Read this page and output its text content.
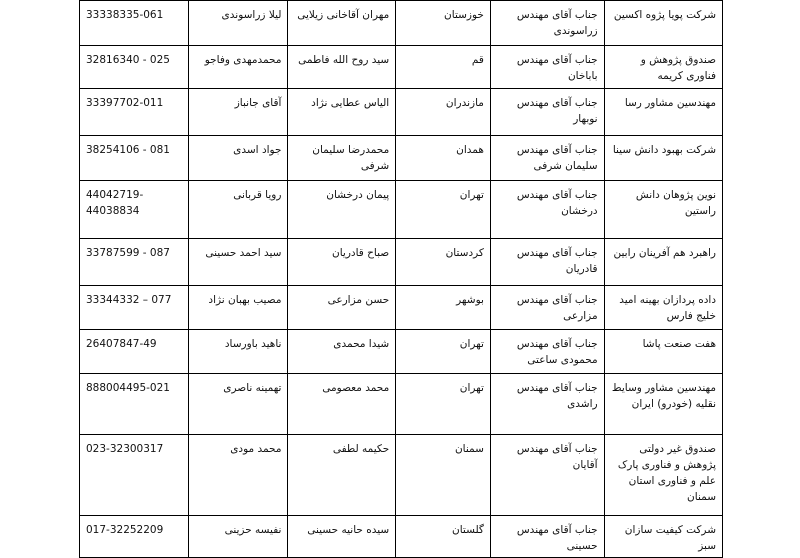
شرکت پویا پژوه اکسین	جناب آقای مهندس زراسوندی	خوزستان	مهران آقاخانی زیلایی	لیلا زراسوندی	33338335-061
صندوق پژوهش و فناوری کریمه	جناب آقای مهندس باباخان	قم	سید روح الله فاطمی	محمدمهدی وفاجو	32816340 - 025
مهندسین مشاور رسا	جناب آقای مهندس نوبهار	مازندران	الیاس عطایی نژاد	آقای جانباز	33397702-011
شرکت بهبود دانش سینا	جناب آقای مهندس سلیمان شرفی	همدان	محمدرضا سلیمان شرفی	جواد اسدی	38254106 - 081
نوین پژوهان دانش راستین	جناب آقای مهندس درخشان	تهران	پیمان درخشان	رویا قربانی	44042719-44038834
راهبرد هم آفرینان رابین	جناب آقای مهندس قادریان	کردستان	صباح قادریان	سید احمد حسینی	33787599 - 087
داده پردازان بهینه امید خلیج فارس	جناب آقای مهندس مزارعی	بوشهر	حسن مزارعی	مصیب بهبان نژاد	33344332 – 077
هفت صنعت پاشا	جناب آقای مهندس محمودی ساعتی	تهران	شیدا محمدی	ناهید باورساد	26407847-49
مهندسین مشاور وسایط نقلیه (خودرو) ایران	جناب آقای مهندس راشدی	تهران	محمد معصومی	تهمینه ناصری	888004495-021
صندوق غیر دولتی پژوهش و فناوری پارک علم و فناوری استان سمنان	جناب آقای مهندس آقایان	سمنان	حکیمه لطفی	محمد مودی	023-32300317
شرکت کیفیت سازان سبز	جناب آقای مهندس حسینی	گلستان	سیده حانیه حسینی	نفیسه حزینی	017-32252209
